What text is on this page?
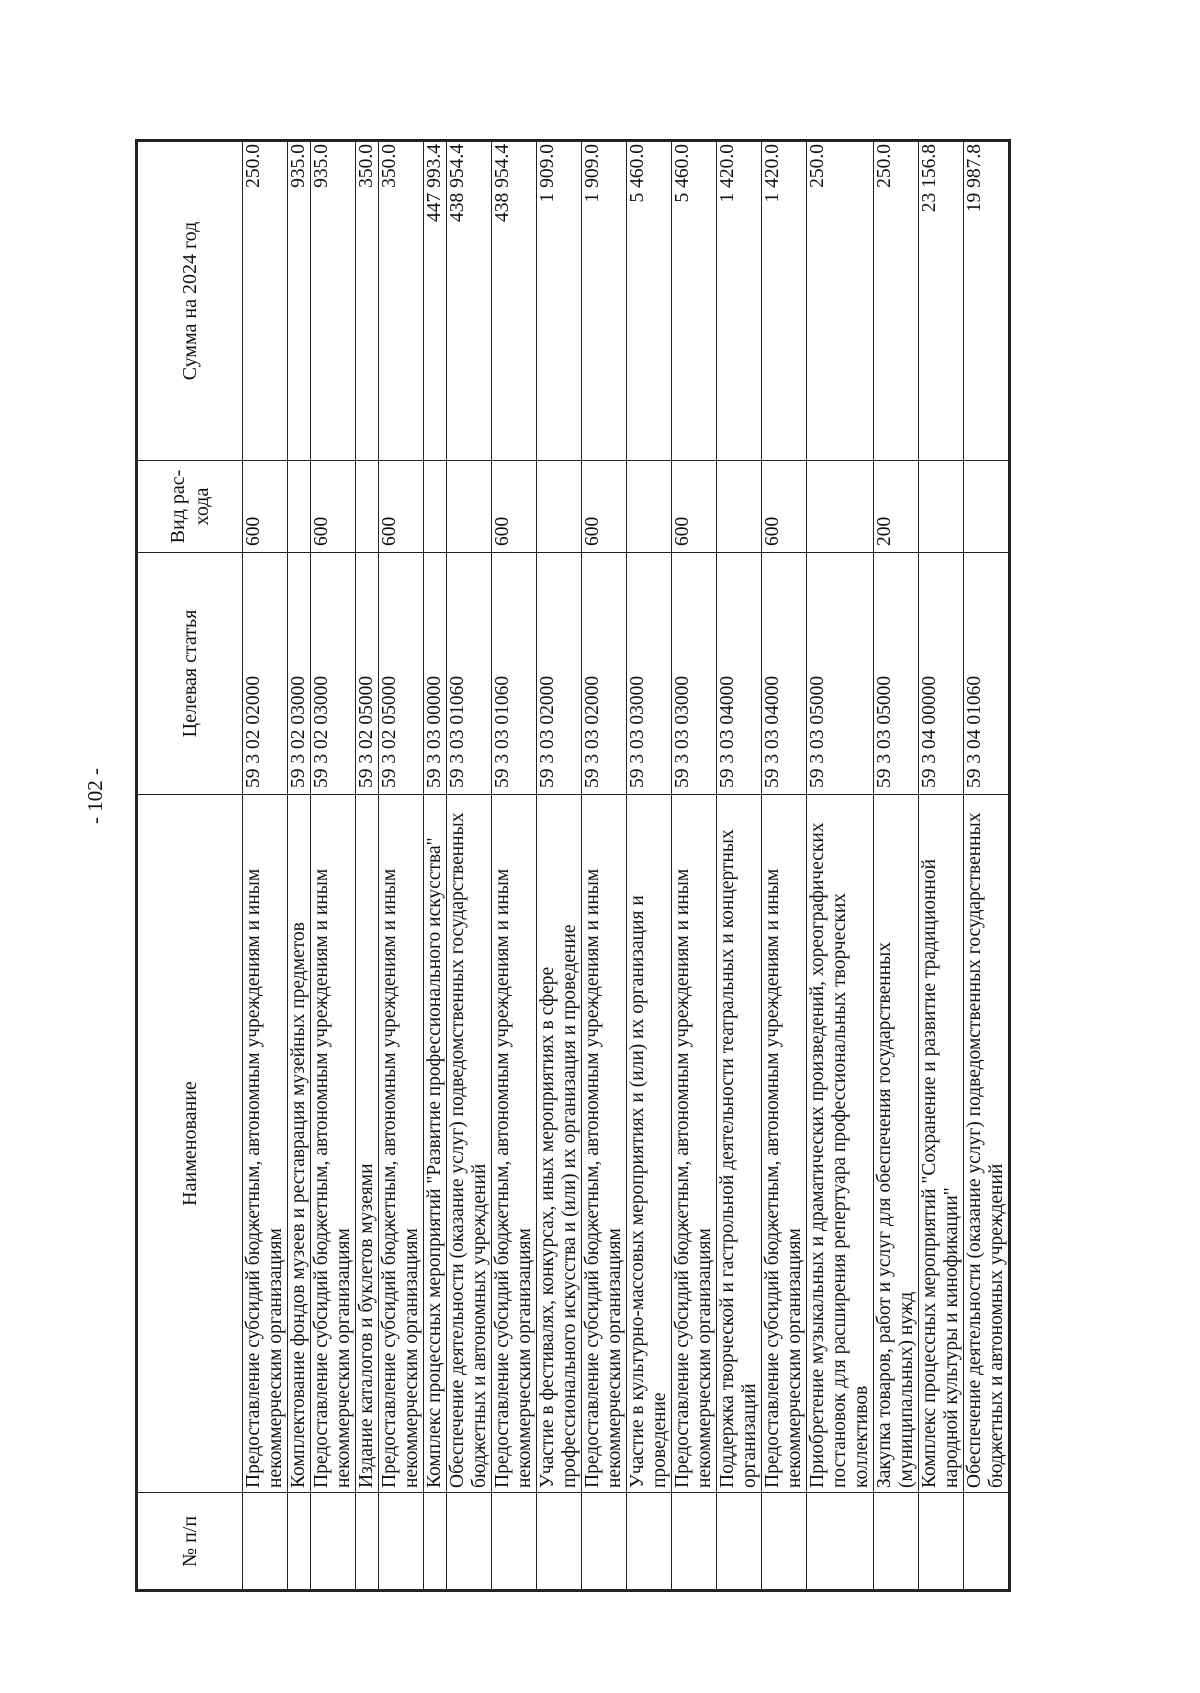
- 102 -
№ п/п	Наименование	Целевая статья	Вид рас-хода	Сумма на 2024 год
	Предоставление субсидий бюджетным, автономным учреждениям и иным некоммерческим организациям	59 3 02 02000	600	250.0
	Комплектование фондов музеев и реставрация музейных предметов	59 3 02 03000		935.0
	Предоставление субсидий бюджетным, автономным учреждениям и иным некоммерческим организациям	59 3 02 03000	600	935.0
	Издание каталогов и буклетов музеями	59 3 02 05000		350.0
	Предоставление субсидий бюджетным, автономным учреждениям и иным некоммерческим организациям	59 3 02 05000	600	350.0
	Комплекс процессных мероприятий "Развитие профессионального искусства"	59 3 03 00000		447 993.4
	Обеспечение деятельности (оказание услуг) подведомственных государственных бюджетных и автономных учреждений	59 3 03 01060		438 954.4
	Предоставление субсидий бюджетным, автономным учреждениям и иным некоммерческим организациям	59 3 03 01060	600	438 954.4
	Участие в фестивалях, конкурсах, иных мероприятиях в сфере профессионального искусства и (или) их организация и проведение	59 3 03 02000		1 909.0
	Предоставление субсидий бюджетным, автономным учреждениям и иным некоммерческим организациям	59 3 03 02000	600	1 909.0
	Участие в культурно-массовых мероприятиях и (или) их организация и проведение	59 3 03 03000		5 460.0
	Предоставление субсидий бюджетным, автономным учреждениям и иным некоммерческим организациям	59 3 03 03000	600	5 460.0
	Поддержка творческой и гастрольной деятельности театральных и концертных организаций	59 3 03 04000		1 420.0
	Предоставление субсидий бюджетным, автономным учреждениям и иным некоммерческим организациям	59 3 03 04000	600	1 420.0
	Приобретение музыкальных и драматических произведений, хореографических постановок для расширения репертуара профессиональных творческих коллективов	59 3 03 05000		250.0
	Закупка товаров, работ и услуг для обеспечения государственных (муниципальных) нужд	59 3 03 05000	200	250.0
	Комплекс процессных мероприятий "Сохранение и развитие традиционной народной культуры и кинофикации"	59 3 04 00000		23 156.8
	Обеспечение деятельности (оказание услуг) подведомственных государственных бюджетных и автономных учреждений	59 3 04 01060		19 987.8
